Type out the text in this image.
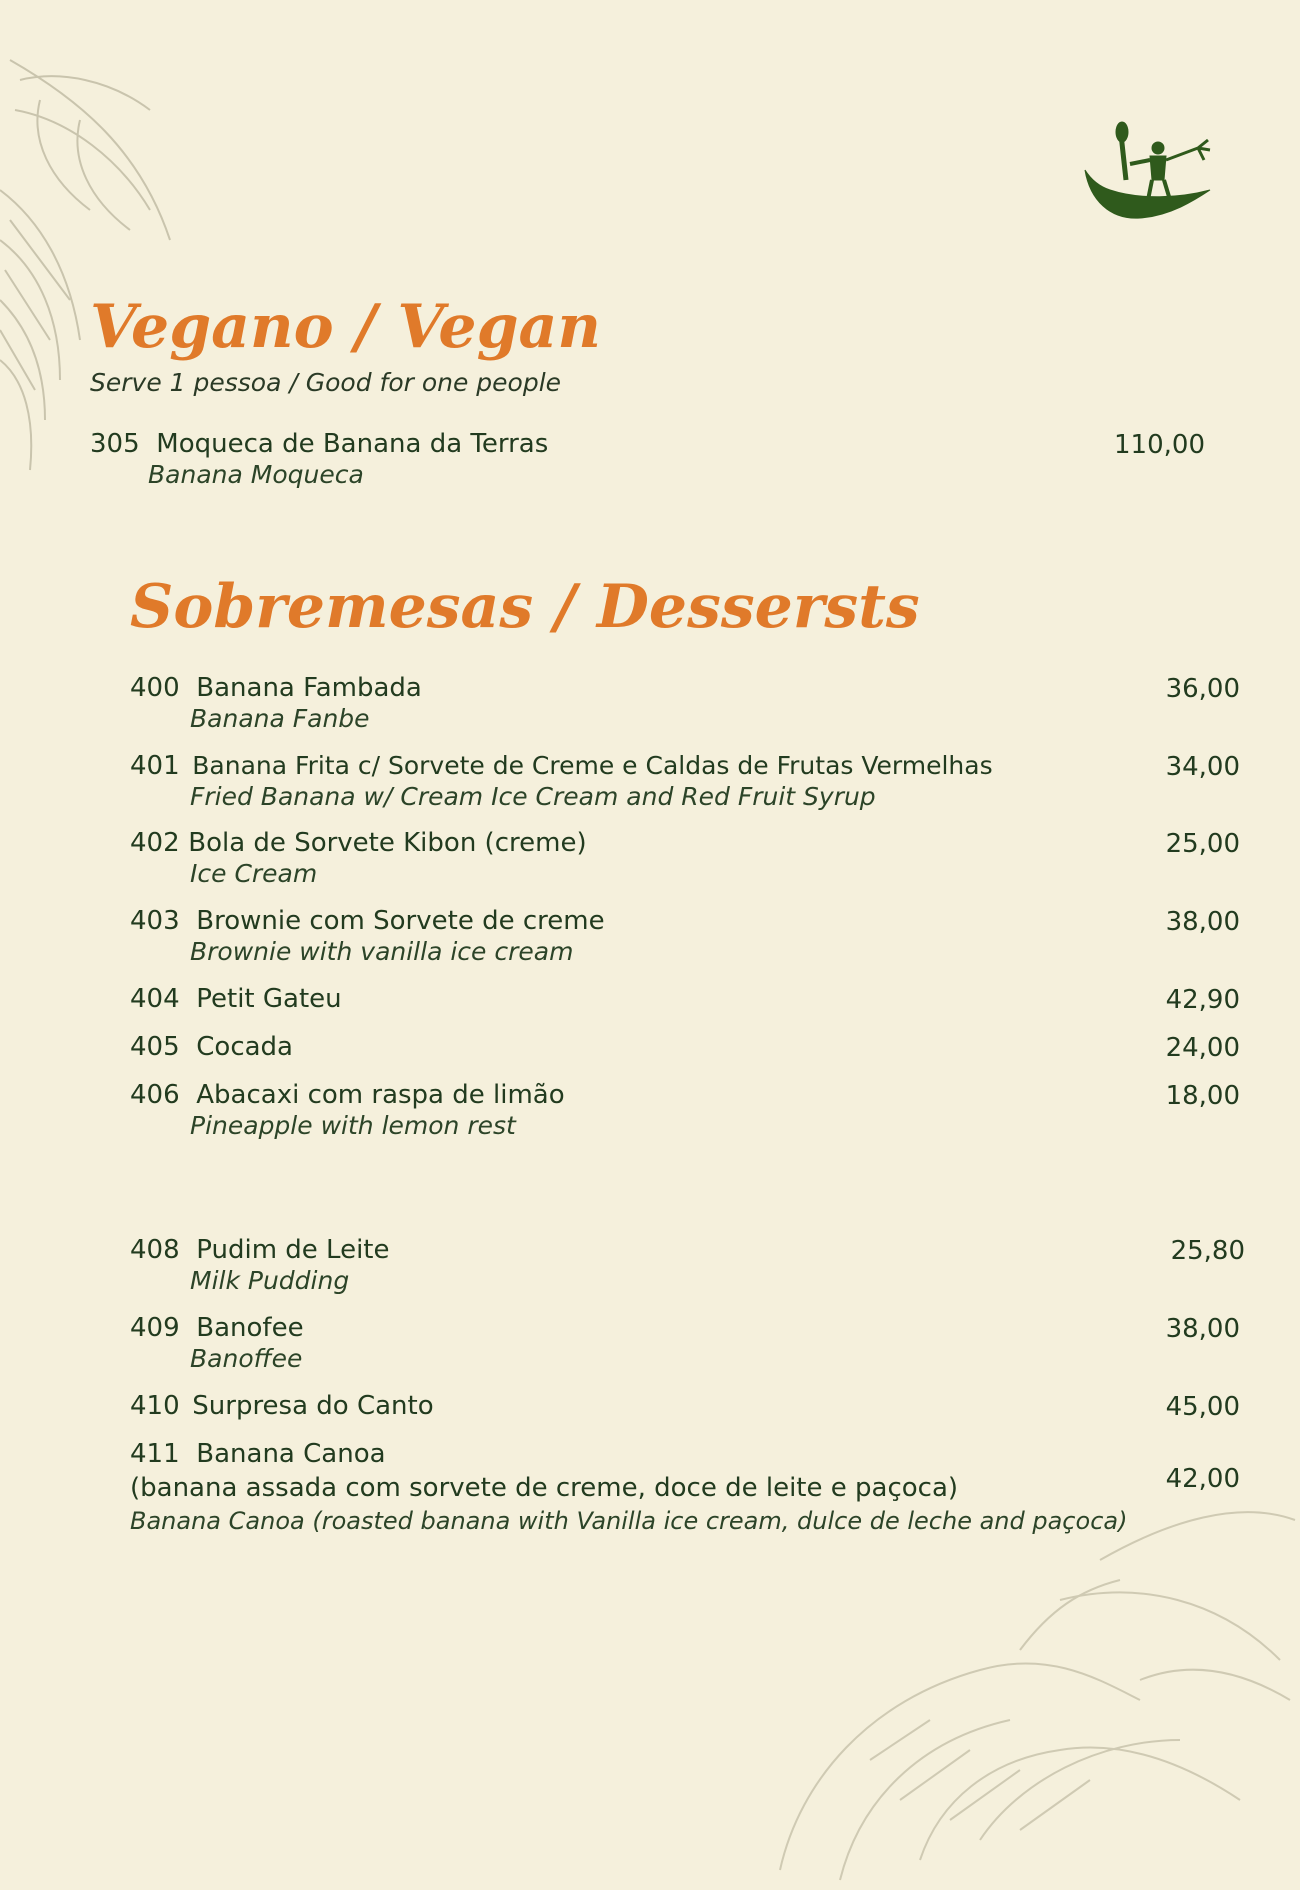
Vegano / Vegan

Serve 1 pessoa / Good for one people

305 Moqueca de Banana da Terras
Banana Moqueca
110,00
Sobremesas / Dessersts
400 Banana Fambada
Banana Fanbe
36,00
401 Banana Frita c/ Sorvete de Creme e Caldas de Frutas Vermelhas
Fried Banana w/ Cream Ice Cream and Red Fruit Syrup
34,00
402 Bola de Sorvete Kibon (creme)
Ice Cream
25,00
403 Brownie com Sorvete de creme
Brownie with vanilla ice cream
38,00
404 Petit Gateu	42,90
405 Cocada	24,00
406 Abacaxi com raspa de limão
Pineapple with lemon rest
18,00
408 Pudim de Leite
Milk Pudding
25,80
409 Banofee
Banoffee
38,00
410 Surpresa do Canto	45,00
411 Banana Canoa
(banana assada com sorvete de creme, doce de leite e paçoca)
Banana Canoa (roasted banana with Vanilla ice cream, dulce de leche and paçoca)
42,00
